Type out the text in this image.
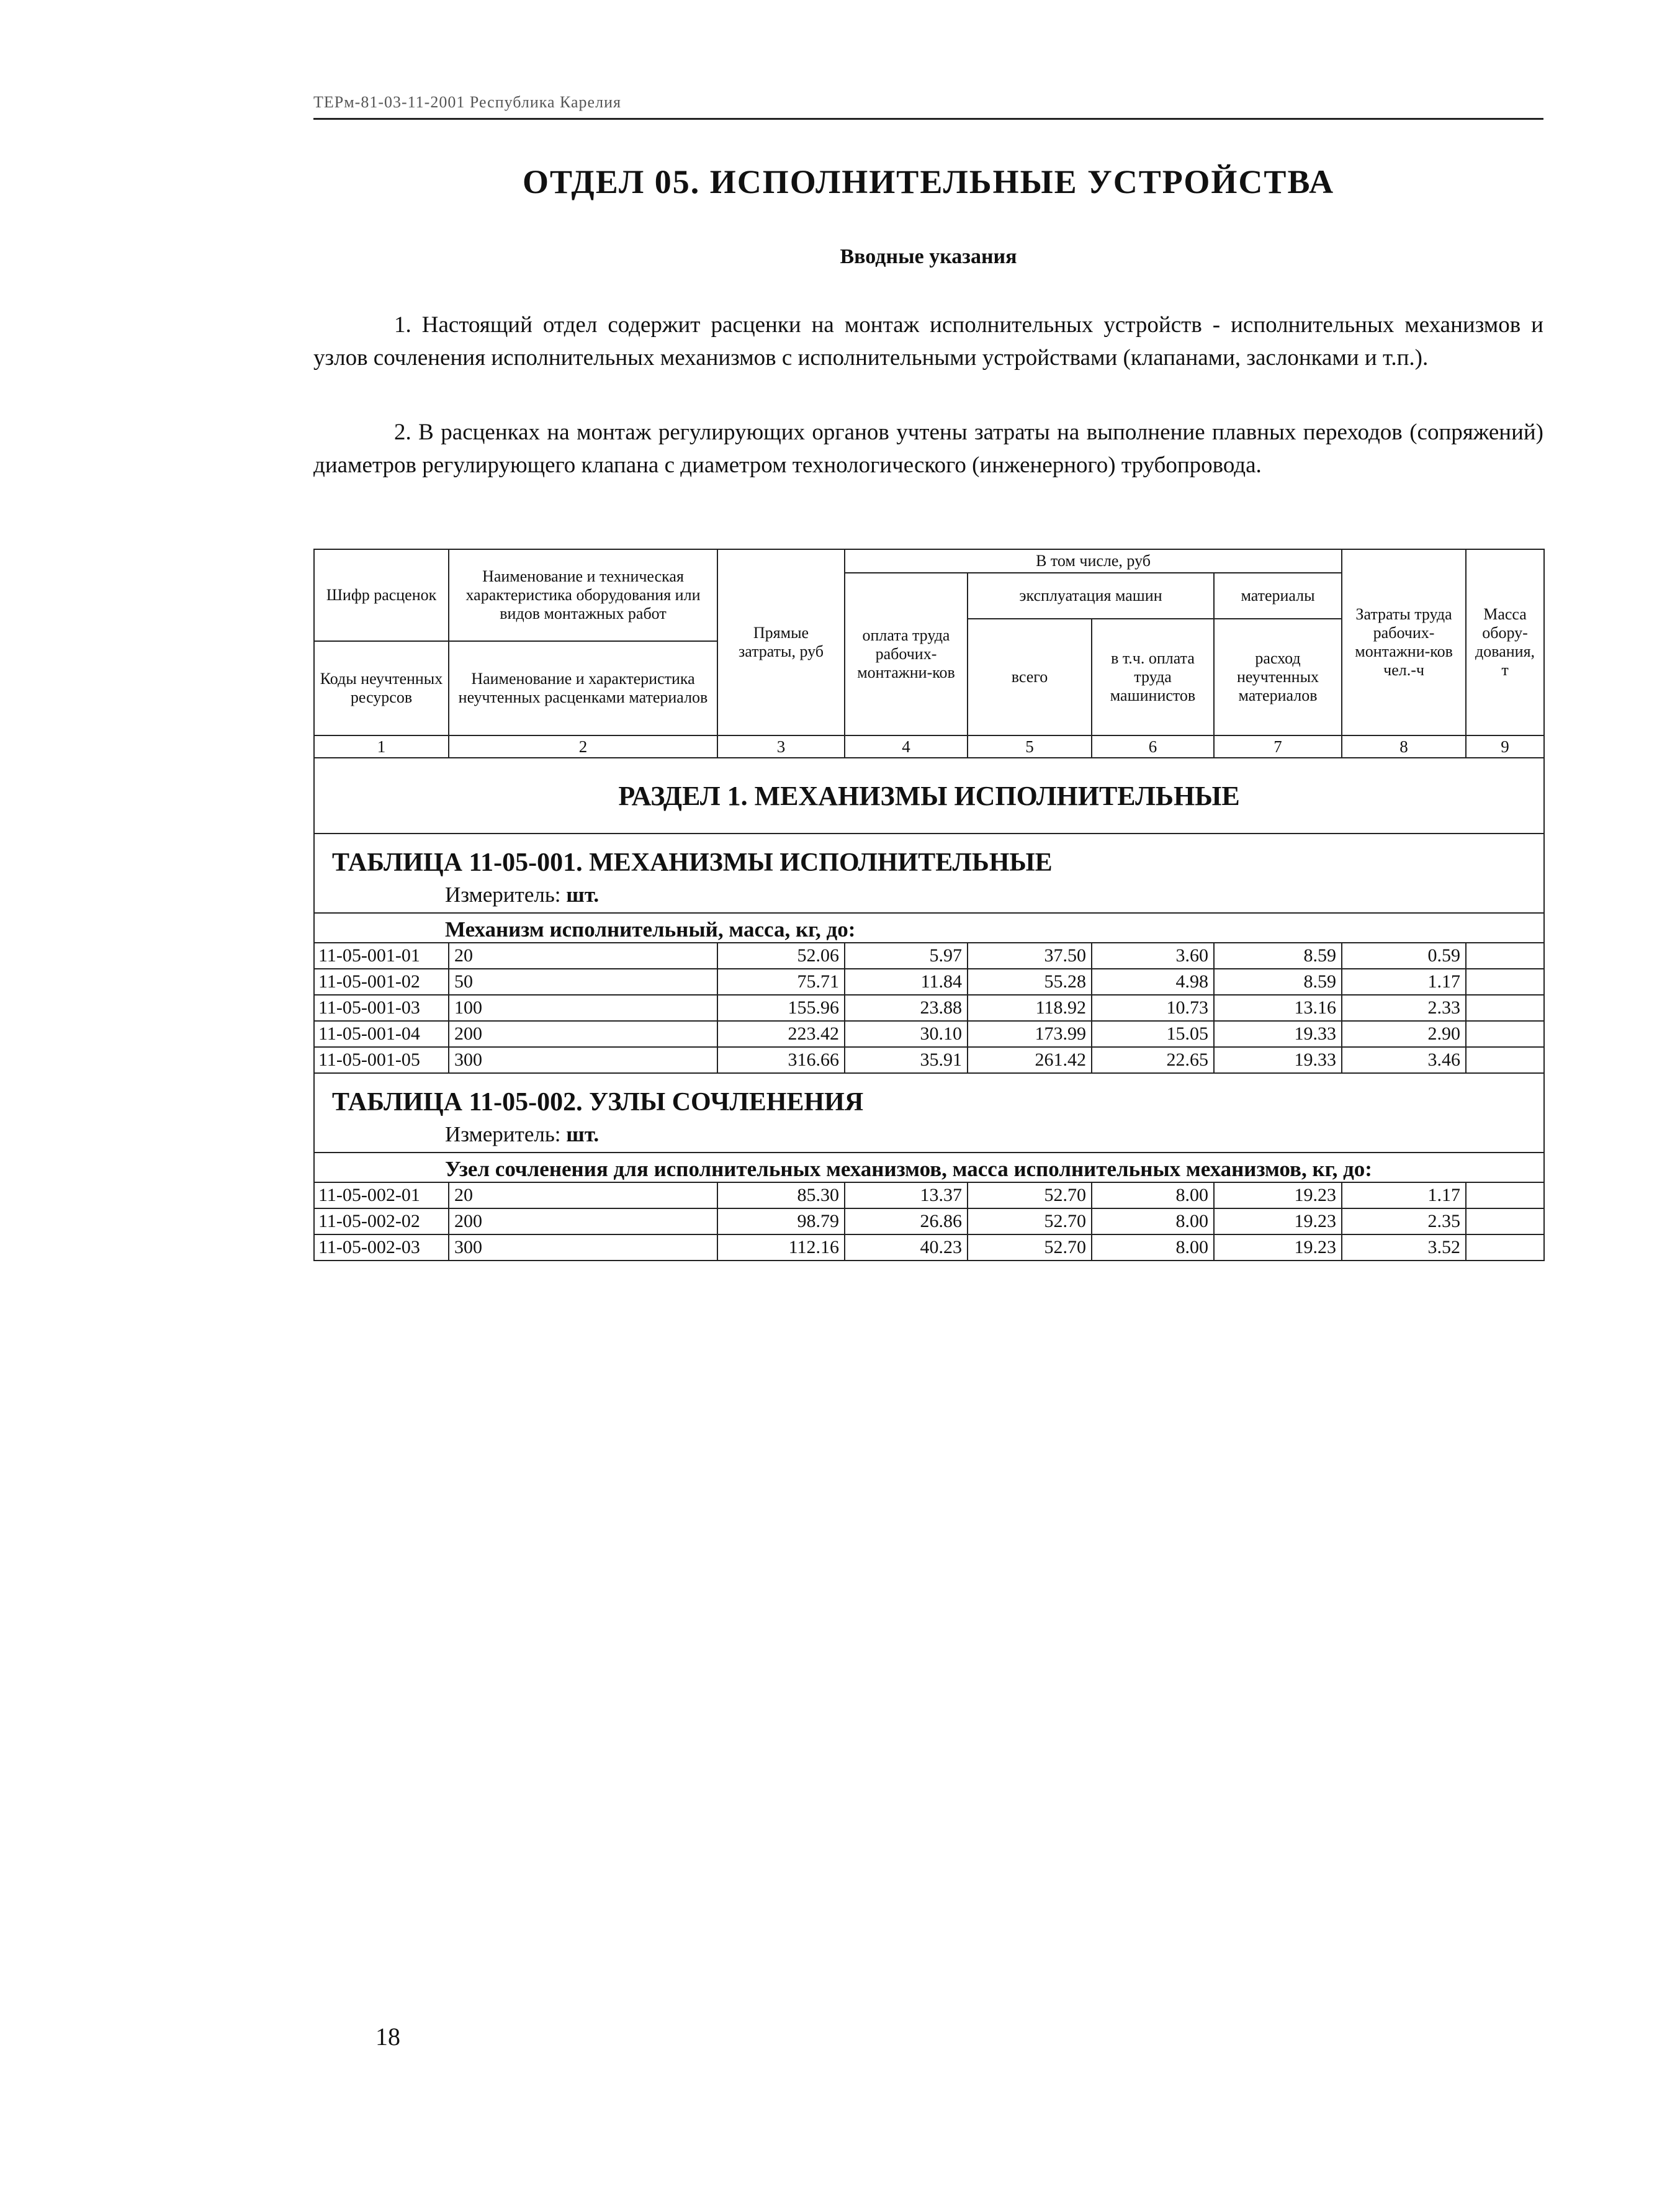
ТЕРм-81-03-11-2001 Республика Карелия
ОТДЕЛ 05. ИСПОЛНИТЕЛЬНЫЕ УСТРОЙСТВА
Вводные указания
1. Настоящий отдел содержит расценки на монтаж исполнительных устройств - исполнительных механизмов и узлов сочленения исполнительных механизмов с исполнительными устройствами (клапанами, заслонками и т.п.).
2. В расценках на монтаж регулирующих органов учтены затраты на выполнение плавных переходов (сопряжений) диаметров регулирующего клапана с диаметром технологического (инженерного) трубопровода.
Шифр расценок	Наименование и техническая характеристика оборудования или видов монтажных работ	Прямые затраты, руб	В том числе, руб				Затраты труда рабочих-монтажни-ков чел.-ч	Масса обору-дования, т
			оплата труда рабочих-монтажни-ков	эксплуатация машин		материалы		
				всего	в т.ч. оплата труда машинистов	расход неучтенных материалов		
Коды неучтенных ресурсов	Наименование и характеристика неучтенных расценками материалов							

1	2	3	4	5	6	7	8	9
РАЗДЕЛ 1. МЕХАНИЗМЫ ИСПОЛНИТЕЛЬНЫЕ								
ТАБЛИЦА 11-05-001. МЕХАНИЗМЫ ИСПОЛНИТЕЛЬНЫЕ								
Измеритель: шт.								
Механизм исполнительный, масса, кг, до:								
11-05-001-01	20	52.06	5.97	37.50	3.60	8.59	0.59	
11-05-001-02	50	75.71	11.84	55.28	4.98	8.59	1.17	
11-05-001-03	100	155.96	23.88	118.92	10.73	13.16	2.33	
11-05-001-04	200	223.42	30.10	173.99	15.05	19.33	2.90	
11-05-001-05	300	316.66	35.91	261.42	22.65	19.33	3.46	
ТАБЛИЦА 11-05-002. УЗЛЫ СОЧЛЕНЕНИЯ								
Измеритель: шт.								
Узел сочленения для исполнительных механизмов, масса исполнительных механизмов, кг, до:								
11-05-002-01	20	85.30	13.37	52.70	8.00	19.23	1.17	
11-05-002-02	200	98.79	26.86	52.70	8.00	19.23	2.35	
11-05-002-03	300	112.16	40.23	52.70	8.00	19.23	3.52	
18
